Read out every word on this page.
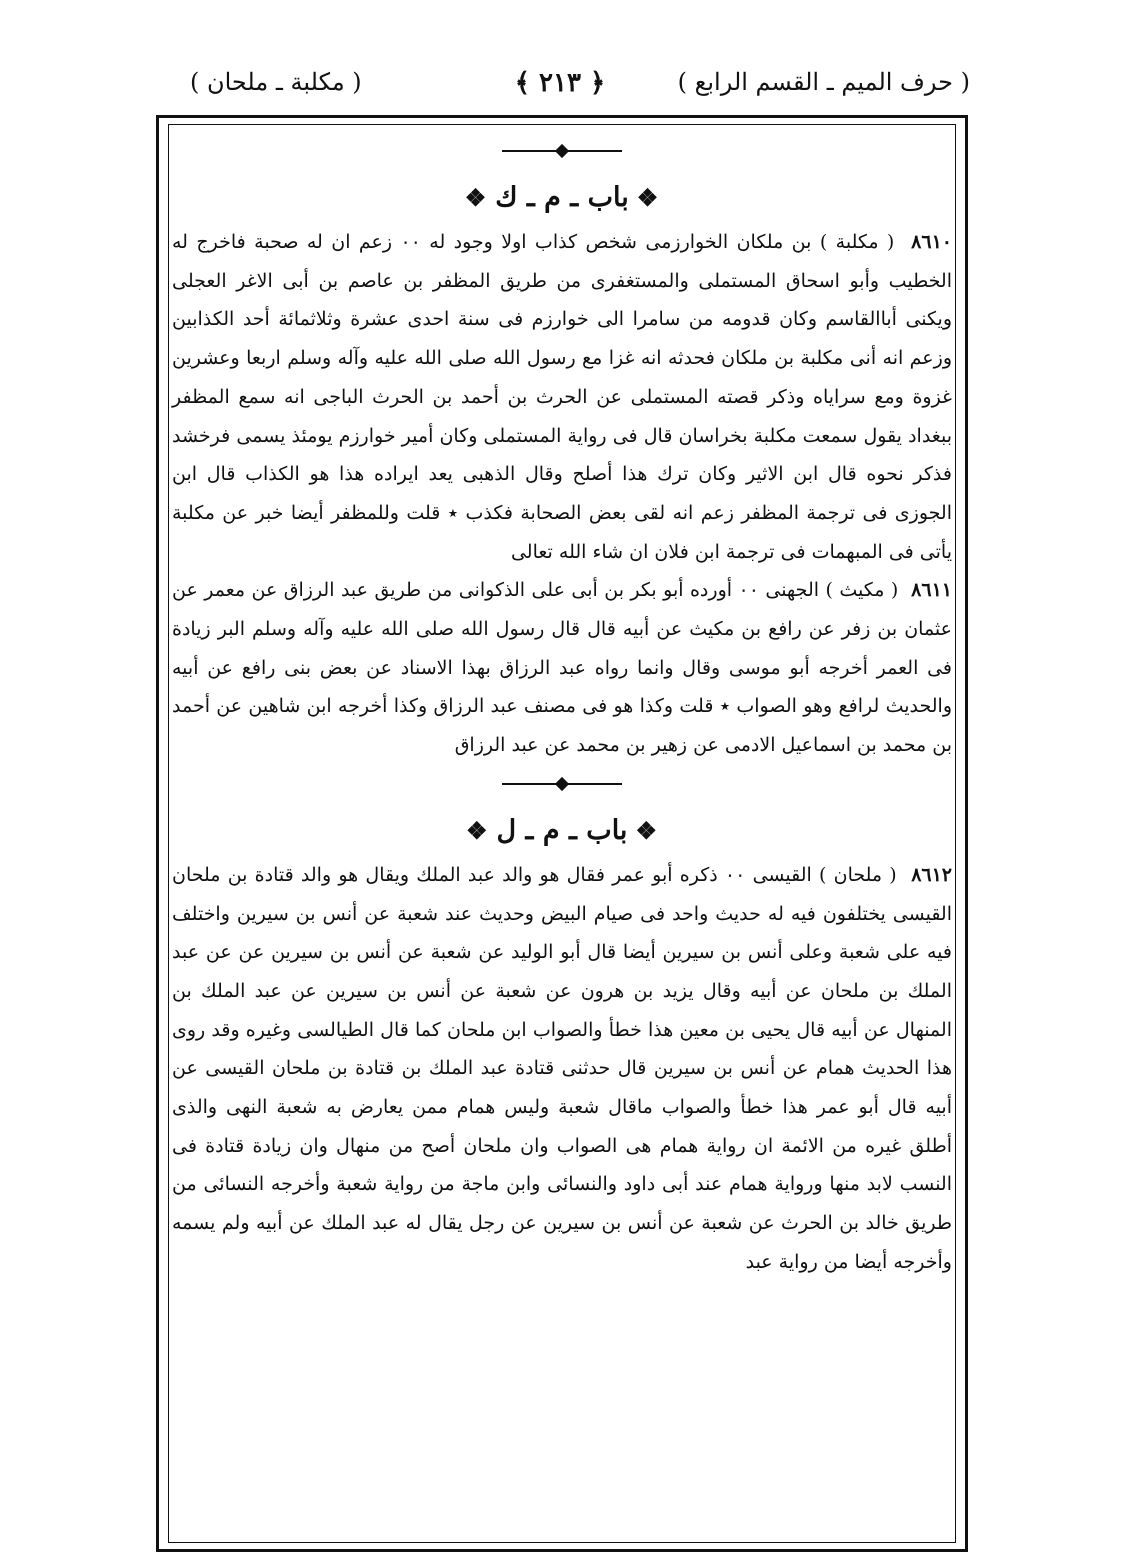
( حرف الميم ـ القسم الرابع )
﴿ ٢١٣ ﴾
( مكلبة ـ ملحان )
❖باب ـ م ـ ك❖

٨٦١٠  ( مكلبة ) بن ملكان الخوارزمى شخص كذاب اولا وجود له ٠٠ زعم ان له صحبة فاخرج له الخطيب وأبو اسحاق المستملى والمستغفرى من طريق المظفر بن عاصم بن أبى الاغر العجلى ويكنى أباالقاسم وكان قدومه من سامرا الى خوارزم فى سنة احدى عشرة وثلاثمائة أحد الكذابين وزعم انه أنى مكلبة بن ملكان فحدثه انه غزا مع رسول الله صلى الله عليه وآله وسلم اربعا وعشرين غزوة ومع سراياه وذكر قصته المستملى عن الحرث بن أحمد بن الحرث الباجى انه سمع المظفر ببغداد يقول سمعت مكلبة بخراسان قال فى رواية المستملى وكان أمير خوارزم يومئذ يسمى فرخشد فذكر نحوه قال ابن الاثير وكان ترك هذا أصلح وقال الذهبى يعد ايراده هذا هو الكذاب قال ابن الجوزى فى ترجمة المظفر زعم انه لقى بعض الصحابة فكذب ٭ قلت وللمظفر أيضا خبر عن مكلبة يأتى فى المبهمات فى ترجمة ابن فلان ان شاء الله تعالى

٨٦١١  ( مكيث ) الجهنى ٠٠ أورده أبو بكر بن أبى على الذكوانى من طريق عبد الرزاق عن معمر عن عثمان بن زفر عن رافع بن مكيث عن أبيه قال قال رسول الله صلى الله عليه وآله وسلم البر زيادة فى العمر أخرجه أبو موسى وقال وانما رواه عبد الرزاق بهذا الاسناد عن بعض بنى رافع عن أبيه والحديث لرافع وهو الصواب ٭ قلت وكذا هو فى مصنف عبد الرزاق وكذا أخرجه ابن شاهين عن أحمد بن محمد بن اسماعيل الادمى عن زهير بن محمد عن عبد الرزاق

❖باب ـ م ـ ل❖

٨٦١٢  ( ملحان ) القيسى ٠٠ ذكره أبو عمر فقال هو والد عبد الملك ويقال هو والد قتادة بن ملحان القيسى يختلفون فيه له حديث واحد فى صيام البيض وحديث عند شعبة عن أنس بن سيرين واختلف فيه على شعبة وعلى أنس بن سيرين أيضا قال أبو الوليد عن شعبة عن أنس بن سيرين عن عن عبد الملك بن ملحان عن أبيه وقال يزيد بن هرون عن شعبة عن أنس بن سيرين عن عبد الملك بن المنهال عن أبيه قال يحيى بن معين هذا خطأ والصواب ابن ملحان كما قال الطيالسى وغيره وقد روى هذا الحديث همام عن أنس بن سيرين قال حدثنى قتادة عبد الملك بن قتادة بن ملحان القيسى عن أبيه قال أبو عمر هذا خطأ والصواب ماقال شعبة وليس همام ممن يعارض به شعبة النهى والذى أطلق غيره من الائمة ان رواية همام هى الصواب وان ملحان أصح من منهال وان زيادة قتادة فى النسب لابد منها ورواية همام عند أبى داود والنسائى وابن ماجة من رواية شعبة وأخرجه النسائى من طريق خالد بن الحرث عن شعبة عن أنس بن سيرين عن رجل يقال له عبد الملك عن أبيه ولم يسمه وأخرجه أيضا من رواية عبد
